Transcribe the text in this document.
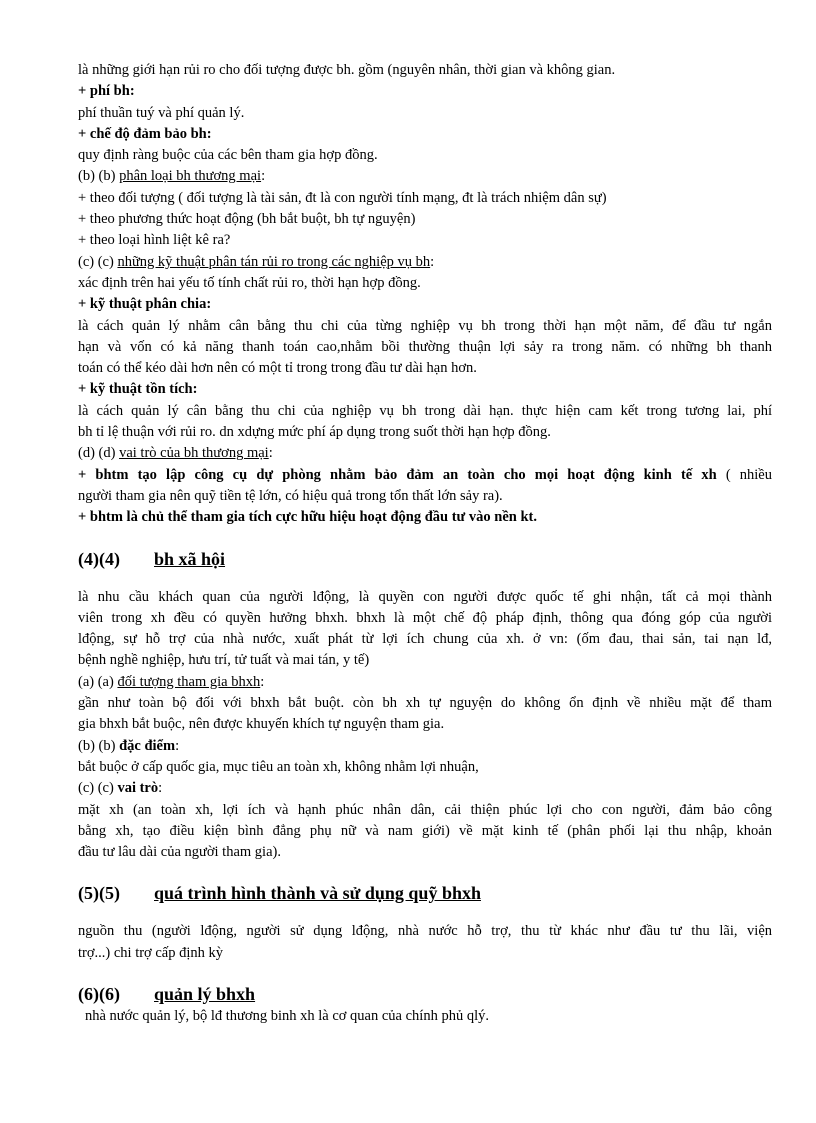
là những giới hạn rủi ro cho đối tượng được bh. gồm (nguyên nhân, thời gian và không gian.
+ phí bh:
phí thuần tuý và phí quản lý.
+ chế độ đảm bảo bh:
quy định ràng buộc của các bên tham gia hợp đồng.
(b) (b) phân loại bh thương mại:
+ theo đối tượng ( đối tượng là tài sản, đt là con người tính mạng, đt là trách nhiệm dân sự)
+ theo phương thức hoạt động (bh bắt buột, bh tự nguyện)
+ theo loại hình liệt kê ra?
(c) (c) những kỹ thuật phân tán rủi ro trong các nghiệp vụ bh:
xác định trên hai yếu tố tính chất rủi ro, thời hạn hợp đồng.
+ kỹ thuật phân chia:
là cách quản lý nhằm cân bằng thu chi của từng nghiệp vụ bh trong thời hạn một năm, để đầu tư ngắn
hạn và vốn có kả năng thanh toán cao,nhằm bồi thường thuận lợi sảy ra trong năm. có những bh thanh
toán có thể kéo dài hơn nên có một tỉ trong trong đầu tư dài hạn hơn.
+ kỹ thuật tồn tích:
là cách quản lý cân bằng thu chi của nghiệp vụ bh trong dài hạn. thực hiện cam kết trong tương lai, phí
bh tỉ lệ thuận với rủi ro. dn xdựng mức phí áp dụng trong suốt thời hạn hợp đồng.
(d) (d) vai trò của bh thương mại:
+ bhtm tạo lập công cụ dự phòng nhằm bảo đảm an toàn cho mọi hoạt động kinh tế xh ( nhiều
người tham gia nên quỹ tiền tệ lớn, có hiệu quả trong tổn thất lớn sảy ra).
+ bhtm là chủ thể tham gia tích cực hữu hiệu hoạt động đầu tư vào nền kt.
(4)(4) bh xã hội
là nhu cầu khách quan của người lđộng, là quyền con người được quốc tế ghi nhận, tất cả mọi thành
viên trong xh đều có quyền hưởng bhxh. bhxh là một chế độ pháp định, thông qua đóng góp của người
lđộng, sự hỗ trợ của nhà nước, xuất phát từ lợi ích chung của xh. ở vn: (ốm đau, thai sản, tai nạn lđ,
bệnh nghề nghiệp, hưu trí, tử tuất và mai tán, y tế)
(a) (a) đối tượng tham gia bhxh:
gần như toàn bộ đối với bhxh bắt buột. còn bh xh tự nguyện do không ổn định về nhiều mặt để tham
gia bhxh bắt buộc, nên được khuyến khích tự nguyện tham gia.
(b) (b) đặc điểm:
bắt buộc ở cấp quốc gia, mục tiêu an toàn xh, không nhằm lợi nhuận,
(c) (c) vai trò:
mặt xh (an toàn xh, lợi ích và hạnh phúc nhân dân, cải thiện phúc lợi cho con người, đảm bảo công
bằng xh, tạo điều kiện bình đẳng phụ nữ và nam giới) về mặt kinh tế (phân phối lại thu nhập, khoản
đầu tư lâu dài của người tham gia).
(5)(5) quá trình hình thành và sử dụng quỹ bhxh
nguồn thu (người lđộng, người sử dụng lđộng, nhà nước hỗ trợ, thu từ khác như đầu tư thu lãi, viện
trợ...) chi trợ cấp định kỳ
(6)(6) quản lý bhxh
nhà nước quản lý, bộ lđ thương binh xh là cơ quan của chính phủ qlý.
